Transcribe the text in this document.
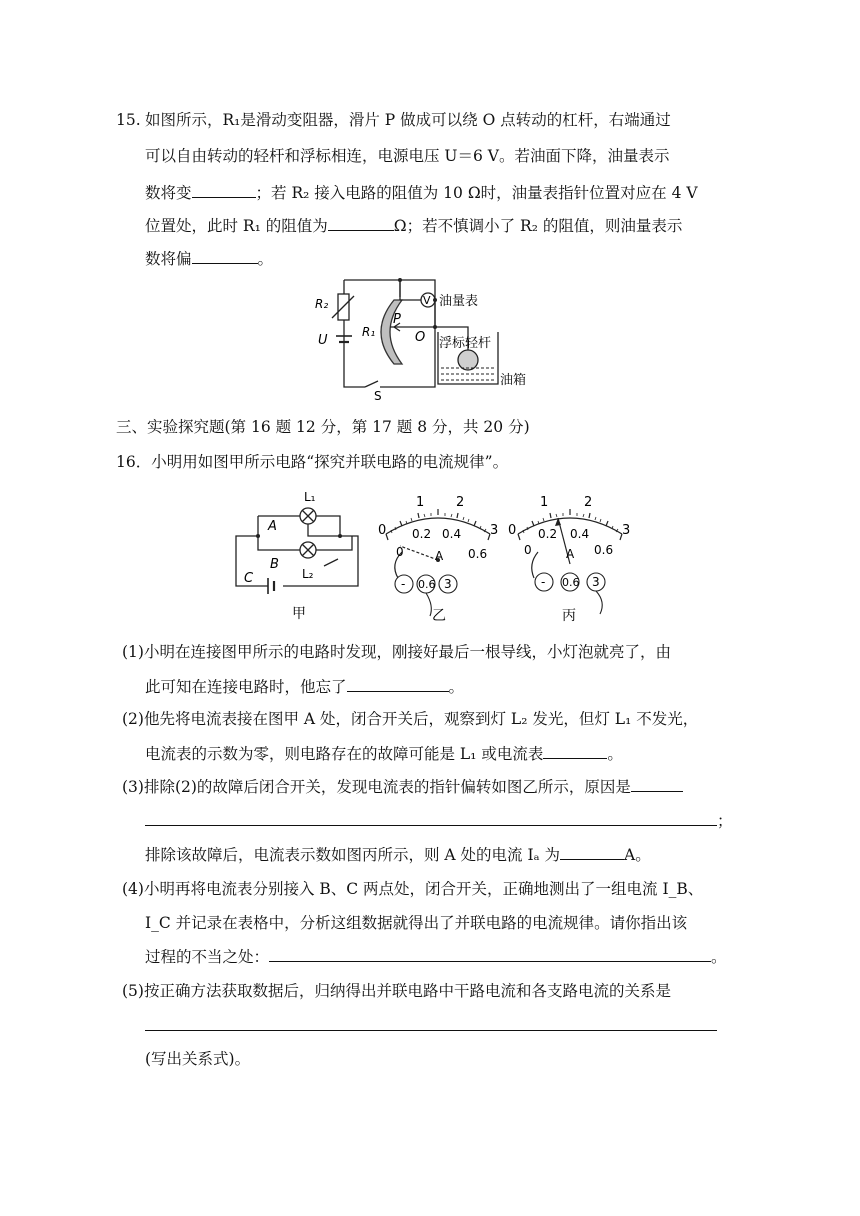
15. 如图所示，R₁是滑动变阻器，滑片 P 做成可以绕 O 点转动的杠杆，右端通过
可以自由转动的轻杆和浮标相连，电源电压 U＝6 V。若油面下降，油量表示
数将变	；若 R₂ 接入电路的阻值为 10 Ω时，油量表指针位置对应在 4 V
位置处，此时 R₁ 的阻值为	Ω；若不慎调小了 R₂ 的阻值，则油量表示
数将偏	。
R₂
U
R₁
P
V 油量表
O 浮标轻杆
油箱
S
三、实验探究题(第 16 题 12 分，第 17 题 8 分，共 20 分)
16．小明用如图甲所示电路“探究并联电路的电流规律”。
L₁
A
B
L₂
C
甲
1 2
0	3
0.2 0.4
0	0.6
A
- 0.6 3
乙
1	2
0	3
0.2 0.4
0	0.6
A
- 0.6 3
丙
(1)小明在连接图甲所示的电路时发现，刚接好最后一根导线，小灯泡就亮了，由
此可知在连接电路时，他忘了	。
(2)他先将电流表接在图甲 A 处，闭合开关后，观察到灯 L₂ 发光，但灯 L₁ 不发光，
电流表的示数为零，则电路存在的故障可能是 L₁ 或电流表	。
(3)排除(2)的故障后闭合开关，发现电流表的指针偏转如图乙所示，原因是
；
排除该故障后，电流表示数如图丙所示，则 A 处的电流 Iₐ 为	A。
(4)小明再将电流表分别接入 B、C 两点处，闭合开关，正确地测出了一组电流 I_B、
I_C 并记录在表格中，分析这组数据就得出了并联电路的电流规律。请你指出该
过程的不当之处：	。
(5)按正确方法获取数据后，归纳得出并联电路中干路电流和各支路电流的关系是
(写出关系式)。
